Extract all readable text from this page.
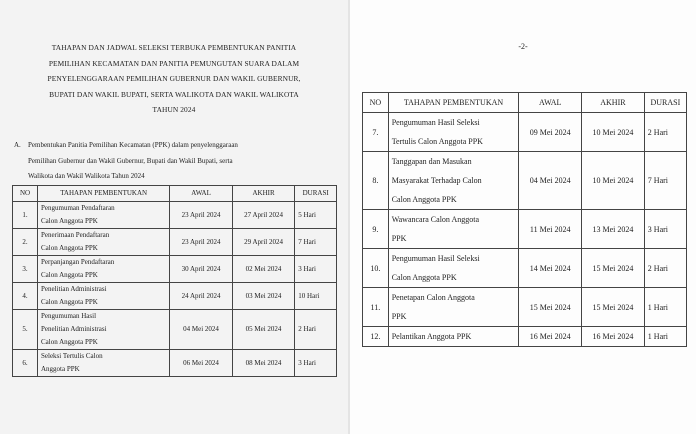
TAHAPAN DAN JADWAL SELEKSI TERBUKA PEMBENTUKAN PANITIA
PEMILIHAN KECAMATAN DAN PANITIA PEMUNGUTAN SUARA DALAM
PENYELENGGARAAN PEMILIHAN GUBERNUR DAN WAKIL GUBERNUR,
BUPATI DAN WAKIL BUPATI, SERTA WALIKOTA DAN WAKIL WALIKOTA
TAHUN 2024
A. Pembentukan Panitia Pemilihan Kecamatan (PPK) dalam penyelenggaraan
Pemilihan Gubernur dan Wakil Gubernur, Bupati dan Wakil Bupati, serta
Walikota dan Wakil Walikota Tahun 2024
NO	TAHAPAN PEMBENTUKAN	AWAL	AKHIR	DURASI
1.	Pengumuman Pendaftaran
Calon Anggota PPK	23 April 2024	27 April 2024	5 Hari
2.	Penerimaan Pendaftaran
Calon Anggota PPK	23 April 2024	29 April 2024	7 Hari
3.	Perpanjangan Pendaftaran
Calon Anggota PPK	30 April 2024	02 Mei 2024	3 Hari
4.	Penelitian Administrasi
Calon Anggota PPK	24 April 2024	03 Mei 2024	10 Hari
5.	Pengumuman Hasil
Penelitian Administrasi
Calon Anggota PPK	04 Mei 2024	05 Mei 2024	2 Hari
6.	Seleksi Tertulis Calon
Anggota PPK	06 Mei 2024	08 Mei 2024	3 Hari
-2-
NO	TAHAPAN PEMBENTUKAN	AWAL	AKHIR	DURASI
7.	Pengumuman Hasil Seleksi
Tertulis Calon Anggota PPK	09 Mei 2024	10 Mei 2024	2 Hari
8.	Tanggapan dan Masukan
Masyarakat Terhadap Calon
Calon Anggota PPK	04 Mei 2024	10 Mei 2024	7 Hari
9.	Wawancara Calon Anggota
PPK	11 Mei 2024	13 Mei 2024	3 Hari
10.	Pengumuman Hasil Seleksi
Calon Anggota PPK	14 Mei 2024	15 Mei 2024	2 Hari
11.	Penetapan Calon Anggota
PPK	15 Mei 2024	15 Mei 2024	1 Hari
12.	Pelantikan Anggota PPK	16 Mei 2024	16 Mei 2024	1 Hari
